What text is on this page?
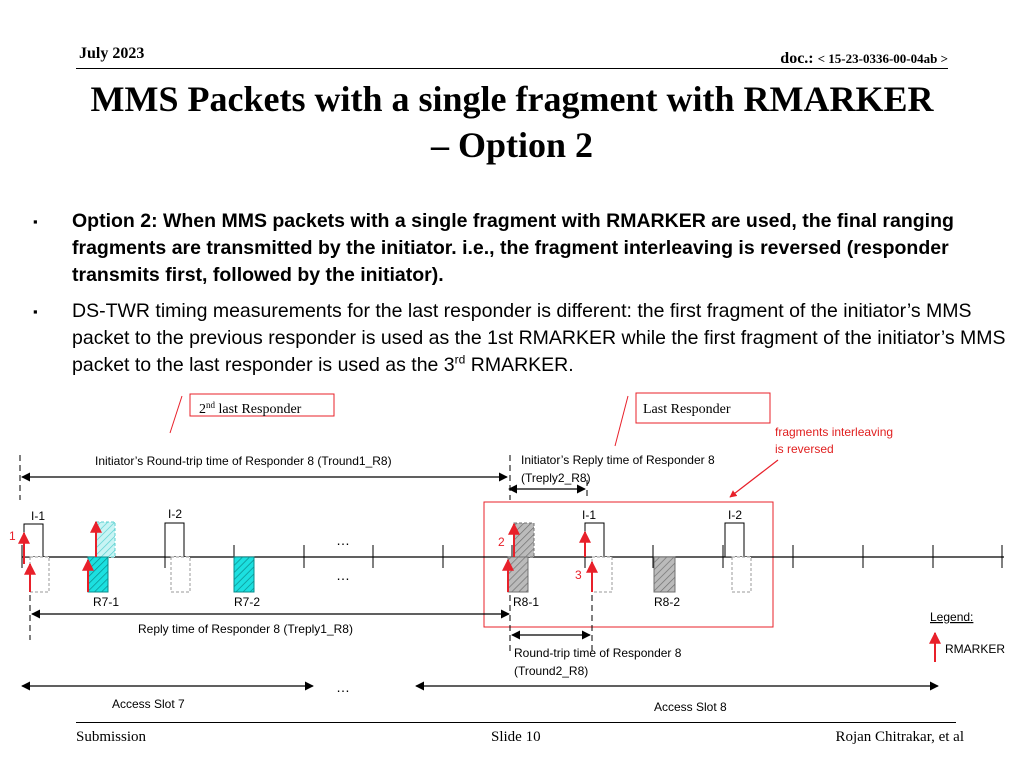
July 2023	doc.: < 15-23-0336-00-04ab >
MMS Packets with a single fragment with RMARKER
– Option 2
▪ Option 2: When MMS packets with a single fragment with RMARKER are used, the final ranging fragments are transmitted by the initiator. i.e., the fragment interleaving is reversed (responder transmits first, followed by the initiator).
▪ DS-TWR timing measurements for the last responder is different: the first fragment of the initiator’s MMS packet to the previous responder is used as the 1st RMARKER while the first fragment of the initiator’s MMS packet to the last responder is used as the 3rd RMARKER.
2nd last Responder	Last Responder
fragments interleaving
is reversed
Initiator’s Round-trip time of Responder 8 (Tround1_R8)	Initiator’s Reply time of Responder 8
(Treply2_R8)
…
…
I-1	I-2	I-1	I-2
R7-1	R7-2	R8-1	R8-2
1	2
3
Reply time of Responder 8 (Treply1_R8)
Round-trip time of Responder 8
(Tround2_R8)
Legend:
RMARKER
…
Access Slot 7	Access Slot 8
Submission	Slide 10	Rojan Chitrakar, et al
